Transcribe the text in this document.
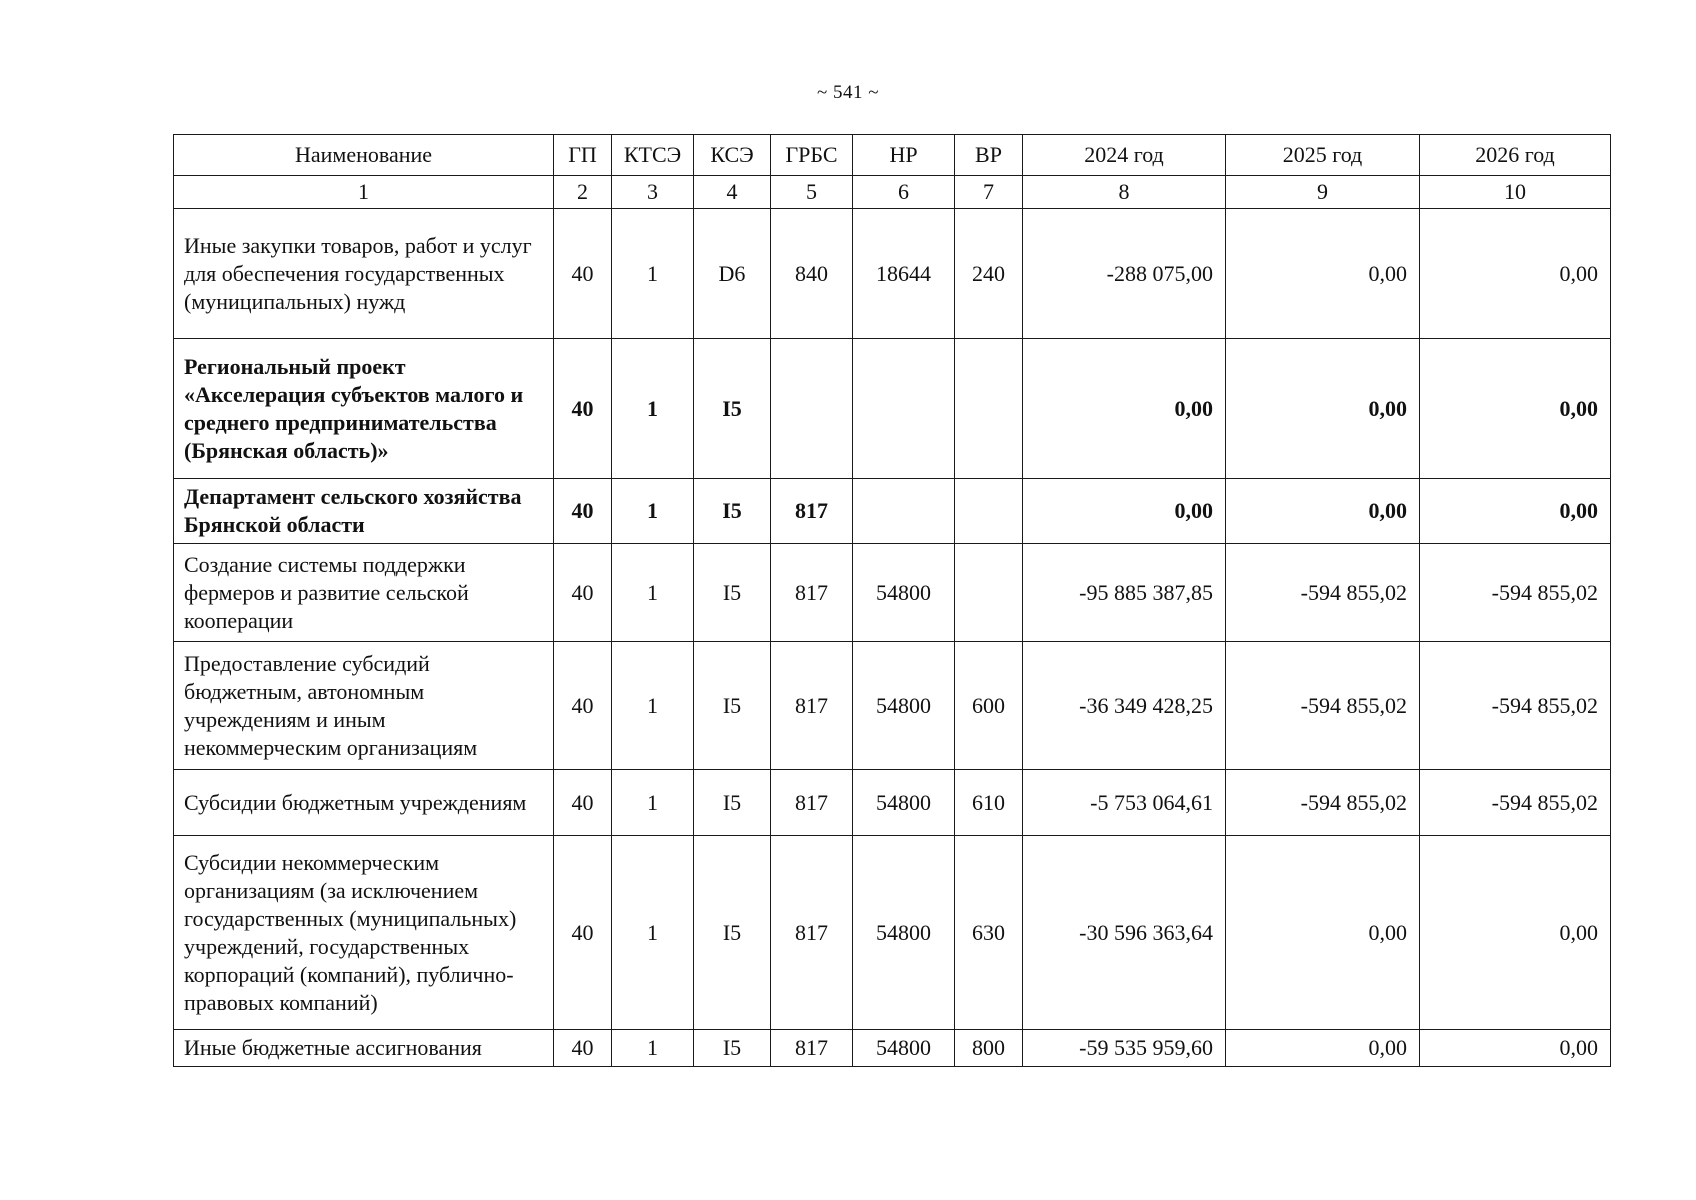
~ 541 ~
Наименование	ГП	КТСЭ	КСЭ	ГРБС	НР	ВР	2024 год	2025 год	2026 год
1	2	3	4	5	6	7	8	9	10
Иные закупки товаров, работ и услуг для обеспечения государственных (муниципальных) нужд	40	1	D6	840	18644	240	-288 075,00	0,00	0,00
Региональный проект «Акселерация субъектов малого и среднего предпринимательства (Брянская область)»	40	1	I5				0,00	0,00	0,00
Департамент сельского хозяйства Брянской области	40	1	I5	817			0,00	0,00	0,00
Создание системы поддержки фермеров и развитие сельской кооперации	40	1	I5	817	54800		-95 885 387,85	-594 855,02	-594 855,02
Предоставление субсидий бюджетным, автономным учреждениям и иным некоммерческим организациям	40	1	I5	817	54800	600	-36 349 428,25	-594 855,02	-594 855,02
Субсидии бюджетным учреждениям	40	1	I5	817	54800	610	-5 753 064,61	-594 855,02	-594 855,02
Субсидии некоммерческим организациям (за исключением государственных (муниципальных) учреждений, государственных корпораций (компаний), публично-правовых компаний)	40	1	I5	817	54800	630	-30 596 363,64	0,00	0,00
Иные бюджетные ассигнования	40	1	I5	817	54800	800	-59 535 959,60	0,00	0,00
